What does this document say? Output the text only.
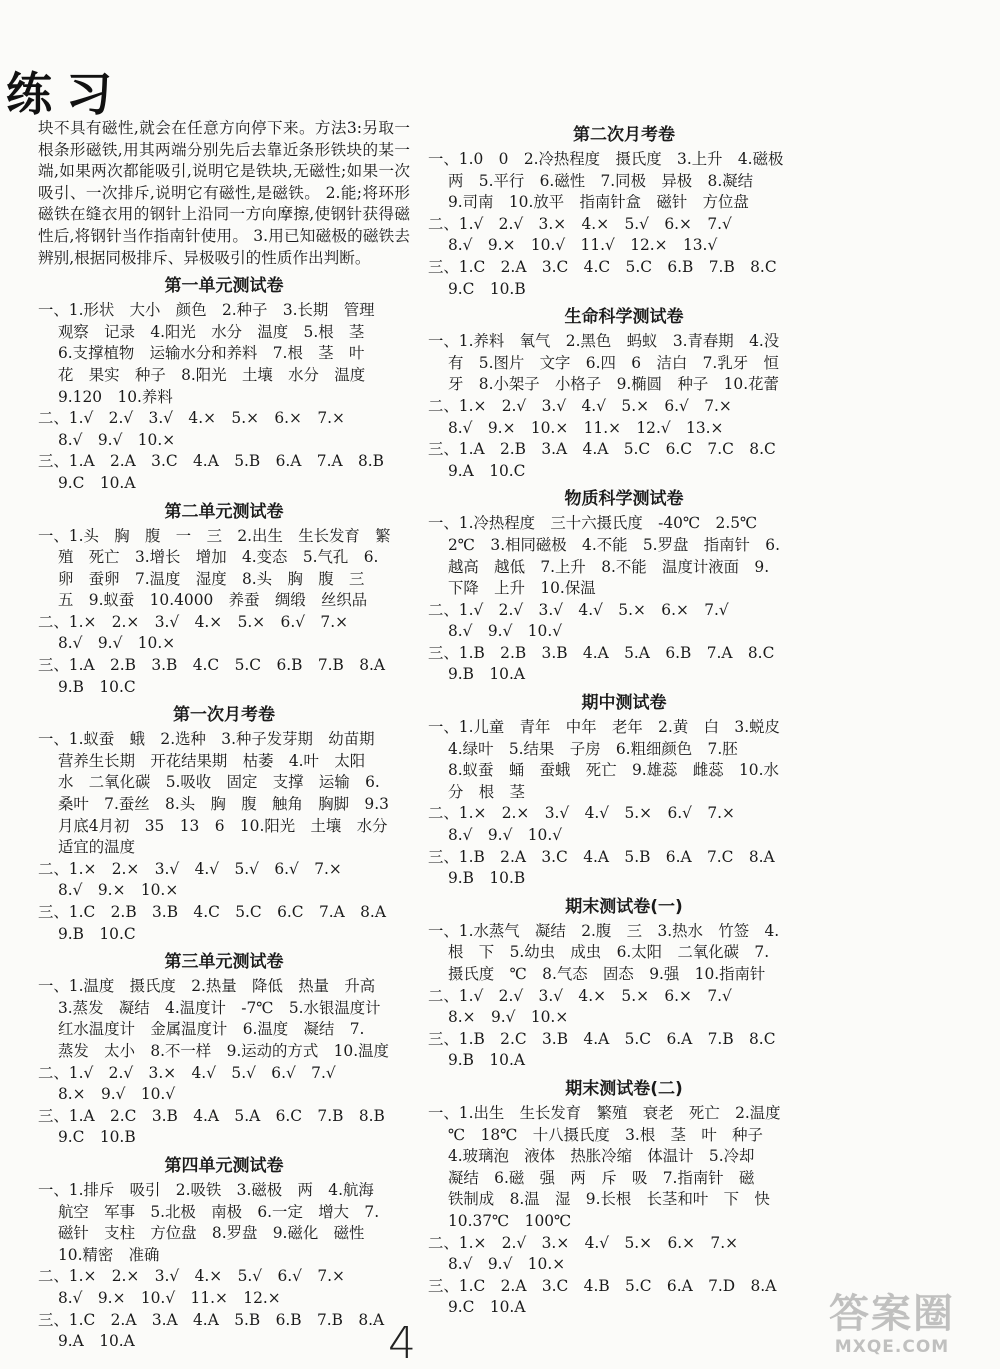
练习

块不具有磁性,就会在任意方向停下来。方法3:另取一根条形磁铁,用其两端分别先后去靠近条形铁块的某一端,如果两次都能吸引,说明它是铁块,无磁性;如果一次吸引、一次排斥,说明它有磁性,是磁铁。 2.能;将环形磁铁在缝衣用的钢针上沿同一方向摩擦,使钢针获得磁性后,将钢针当作指南针使用。 3.用已知磁极的磁铁去辨别,根据同极排斥、异极吸引的性质作出判断。

第一单元测试卷
一、1.形状　大小　颜色　2.种子　3.长期　管理
观察　记录　4.阳光　水分　温度　5.根　茎
6.支撑植物　运输水分和养料　7.根　茎　叶
花　果实　种子　8.阳光　土壤　水分　温度
9.120　10.养料
二、1.√　2.√　3.√　4.×　5.×　6.×　7.×
8.√　9.√　10.×
三、1.A　2.A　3.C　4.A　5.B　6.A　7.A　8.B
9.C　10.A
第二单元测试卷
一、1.头　胸　腹　一　三　2.出生　生长发育　繁
殖　死亡　3.增长　增加　4.变态　5.气孔　6.
卵　蚕卵　7.温度　湿度　8.头　胸　腹　三
五　9.蚁蚕　10.4000　养蚕　绸缎　丝织品
二、1.×　2.×　3.√　4.×　5.×　6.√　7.×
8.√　9.√　10.×
三、1.A　2.B　3.B　4.C　5.C　6.B　7.B　8.A
9.B　10.C
第一次月考卷
一、1.蚁蚕　蛾　2.选种　3.种子发芽期　幼苗期
营养生长期　开花结果期　枯萎　4.叶　太阳
水　二氧化碳　5.吸收　固定　支撑　运输　6.
桑叶　7.蚕丝　8.头　胸　腹　触角　胸脚　9.3
月底4月初　35　13　6　10.阳光　土壤　水分
适宜的温度
二、1.×　2.×　3.√　4.√　5.√　6.√　7.×
8.√　9.×　10.×
三、1.C　2.B　3.B　4.C　5.C　6.C　7.A　8.A
9.B　10.C
第三单元测试卷
一、1.温度　摄氏度　2.热量　降低　热量　升高
3.蒸发　凝结　4.温度计　-7℃　5.水银温度计
红水温度计　金属温度计　6.温度　凝结　7.
蒸发　太小　8.不一样　9.运动的方式　10.温度
二、1.√　2.√　3.×　4.√　5.√　6.√　7.√
8.×　9.√　10.√
三、1.A　2.C　3.B　4.A　5.A　6.C　7.B　8.B
9.C　10.B
第四单元测试卷
一、1.排斥　吸引　2.吸铁　3.磁极　两　4.航海
航空　军事　5.北极　南极　6.一定　增大　7.
磁针　支柱　方位盘　8.罗盘　9.磁化　磁性
10.精密　准确
二、1.×　2.×　3.√　4.×　5.√　6.√　7.×
8.√　9.×　10.√　11.×　12.×
三、1.C　2.A　3.A　4.A　5.B　6.B　7.B　8.A
9.A　10.A
第二次月考卷
一、1.0　0　2.冷热程度　摄氏度　3.上升　4.磁极
两　5.平行　6.磁性　7.同极　异极　8.凝结
9.司南　10.放平　指南针盒　磁针　方位盘
二、1.√　2.√　3.×　4.×　5.√　6.×　7.√
8.√　9.×　10.√　11.√　12.×　13.√
三、1.C　2.A　3.C　4.C　5.C　6.B　7.B　8.C
9.C　10.B
生命科学测试卷
一、1.养料　氧气　2.黑色　蚂蚁　3.青春期　4.没
有　5.图片　文字　6.四　6　洁白　7.乳牙　恒
牙　8.小架子　小格子　9.椭圆　种子　10.花蕾
二、1.×　2.√　3.√　4.√　5.×　6.√　7.×
8.√　9.×　10.×　11.×　12.√　13.×
三、1.A　2.B　3.A　4.A　5.C　6.C　7.C　8.C
9.A　10.C
物质科学测试卷
一、1.冷热程度　三十六摄氏度　-40℃　2.5℃
2℃　3.相同磁极　4.不能　5.罗盘　指南针　6.
越高　越低　7.上升　8.不能　温度计液面　9.
下降　上升　10.保温
二、1.√　2.√　3.√　4.√　5.×　6.×　7.√
8.√　9.√　10.√
三、1.B　2.B　3.B　4.A　5.A　6.B　7.A　8.C
9.B　10.A
期中测试卷
一、1.儿童　青年　中年　老年　2.黄　白　3.蜕皮
4.绿叶　5.结果　子房　6.粗细颜色　7.胚
8.蚁蚕　蛹　蚕蛾　死亡　9.雄蕊　雌蕊　10.水
分　根　茎
二、1.×　2.×　3.√　4.√　5.×　6.√　7.×
8.√　9.√　10.√
三、1.B　2.A　3.C　4.A　5.B　6.A　7.C　8.A
9.B　10.B
期末测试卷(一)
一、1.水蒸气　凝结　2.腹　三　3.热水　竹签　4.
根　下　5.幼虫　成虫　6.太阳　二氧化碳　7.
摄氏度　℃　8.气态　固态　9.强　10.指南针
二、1.√　2.√　3.√　4.×　5.×　6.×　7.√
8.×　9.√　10.×
三、1.B　2.C　3.B　4.A　5.C　6.A　7.B　8.C
9.B　10.A
期末测试卷(二)
一、1.出生　生长发育　繁殖　衰老　死亡　2.温度
℃　18℃　十八摄氏度　3.根　茎　叶　种子
4.玻璃泡　液体　热胀冷缩　体温计　5.冷却
凝结　6.磁　强　两　斥　吸　7.指南针　磁
铁制成　8.温　湿　9.长根　长茎和叶　下　快
10.37℃　100℃
二、1.×　2.√　3.×　4.√　5.×　6.×　7.×
8.√　9.√　10.×
三、1.C　2.A　3.C　4.B　5.C　6.A　7.D　8.A
9.C　10.A
4
答案圈
MXQE.COM
